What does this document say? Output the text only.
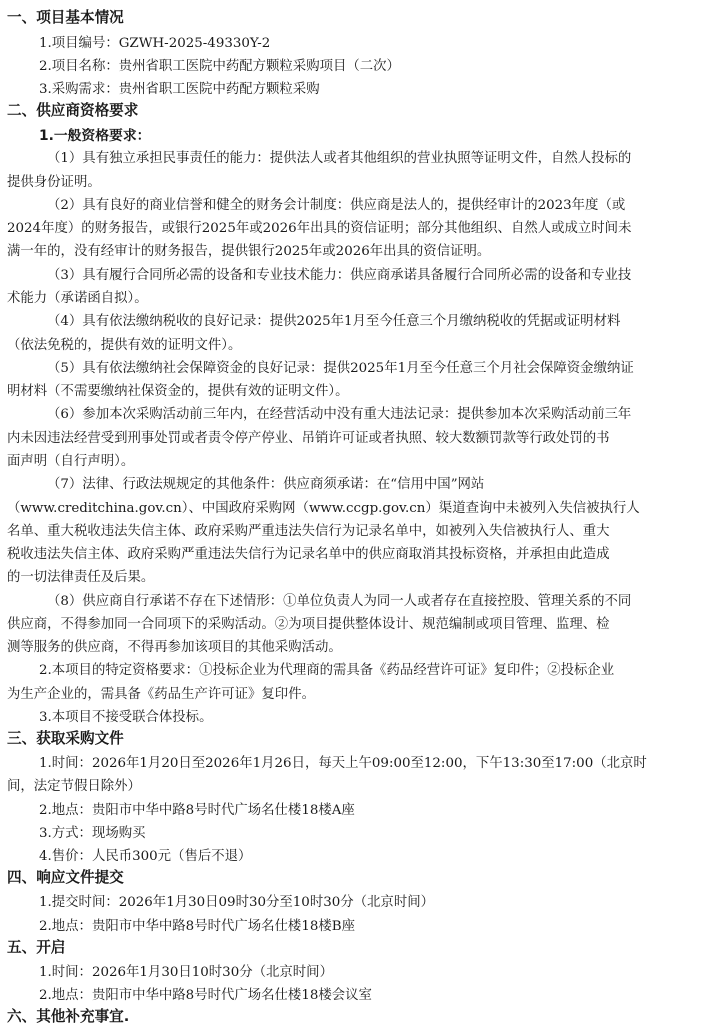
一、项目基本情况
1.项目编号：GZWH-2025-49330Y-2
2.项目名称：贵州省职工医院中药配方颗粒采购项目（二次）
3.采购需求：贵州省职工医院中药配方颗粒采购
二、供应商资格要求
1.一般资格要求：
（1）具有独立承担民事责任的能力：提供法人或者其他组织的营业执照等证明文件，自然人投标的
提供身份证明。
（2）具有良好的商业信誉和健全的财务会计制度：供应商是法人的，提供经审计的2023年度（或
2024年度）的财务报告，或银行2025年或2026年出具的资信证明；部分其他组织、自然人或成立时间未
满一年的，没有经审计的财务报告，提供银行2025年或2026年出具的资信证明。
（3）具有履行合同所必需的设备和专业技术能力：供应商承诺具备履行合同所必需的设备和专业技
术能力（承诺函自拟）。
（4）具有依法缴纳税收的良好记录：提供2025年1月至今任意三个月缴纳税收的凭据或证明材料
（依法免税的，提供有效的证明文件）。
（5）具有依法缴纳社会保障资金的良好记录：提供2025年1月至今任意三个月社会保障资金缴纳证
明材料（不需要缴纳社保资金的，提供有效的证明文件）。
（6）参加本次采购活动前三年内，在经营活动中没有重大违法记录：提供参加本次采购活动前三年
内未因违法经营受到刑事处罚或者责令停产停业、吊销许可证或者执照、较大数额罚款等行政处罚的书
面声明（自行声明）。
（7）法律、行政法规规定的其他条件：供应商须承诺：在“信用中国”网站
（www.creditchina.gov.cn）、中国政府采购网（www.ccgp.gov.cn）渠道查询中未被列入失信被执行人
名单、重大税收违法失信主体、政府采购严重违法失信行为记录名单中，如被列入失信被执行人、重大
税收违法失信主体、政府采购严重违法失信行为记录名单中的供应商取消其投标资格，并承担由此造成
的一切法律责任及后果。
（8）供应商自行承诺不存在下述情形：①单位负责人为同一人或者存在直接控股、管理关系的不同
供应商，不得参加同一合同项下的采购活动。②为项目提供整体设计、规范编制或项目管理、监理、检
测等服务的供应商，不得再参加该项目的其他采购活动。
2.本项目的特定资格要求：①投标企业为代理商的需具备《药品经营许可证》复印件；②投标企业
为生产企业的，需具备《药品生产许可证》复印件。
3.本项目不接受联合体投标。
三、获取采购文件
1.时间：2026年1月20日至2026年1月26日，每天上午09:00至12:00，下午13:30至17:00（北京时
间，法定节假日除外）
2.地点：贵阳市中华中路8号时代广场名仕楼18楼A座
3.方式：现场购买
4.售价：人民币300元（售后不退）
四、响应文件提交
1.提交时间：2026年1月30日09时30分至10时30分（北京时间）
2.地点：贵阳市中华中路8号时代广场名仕楼18楼B座
五、开启
1.时间：2026年1月30日10时30分（北京时间）
2.地点：贵阳市中华中路8号时代广场名仕楼18楼会议室
六、其他补充事宜.
